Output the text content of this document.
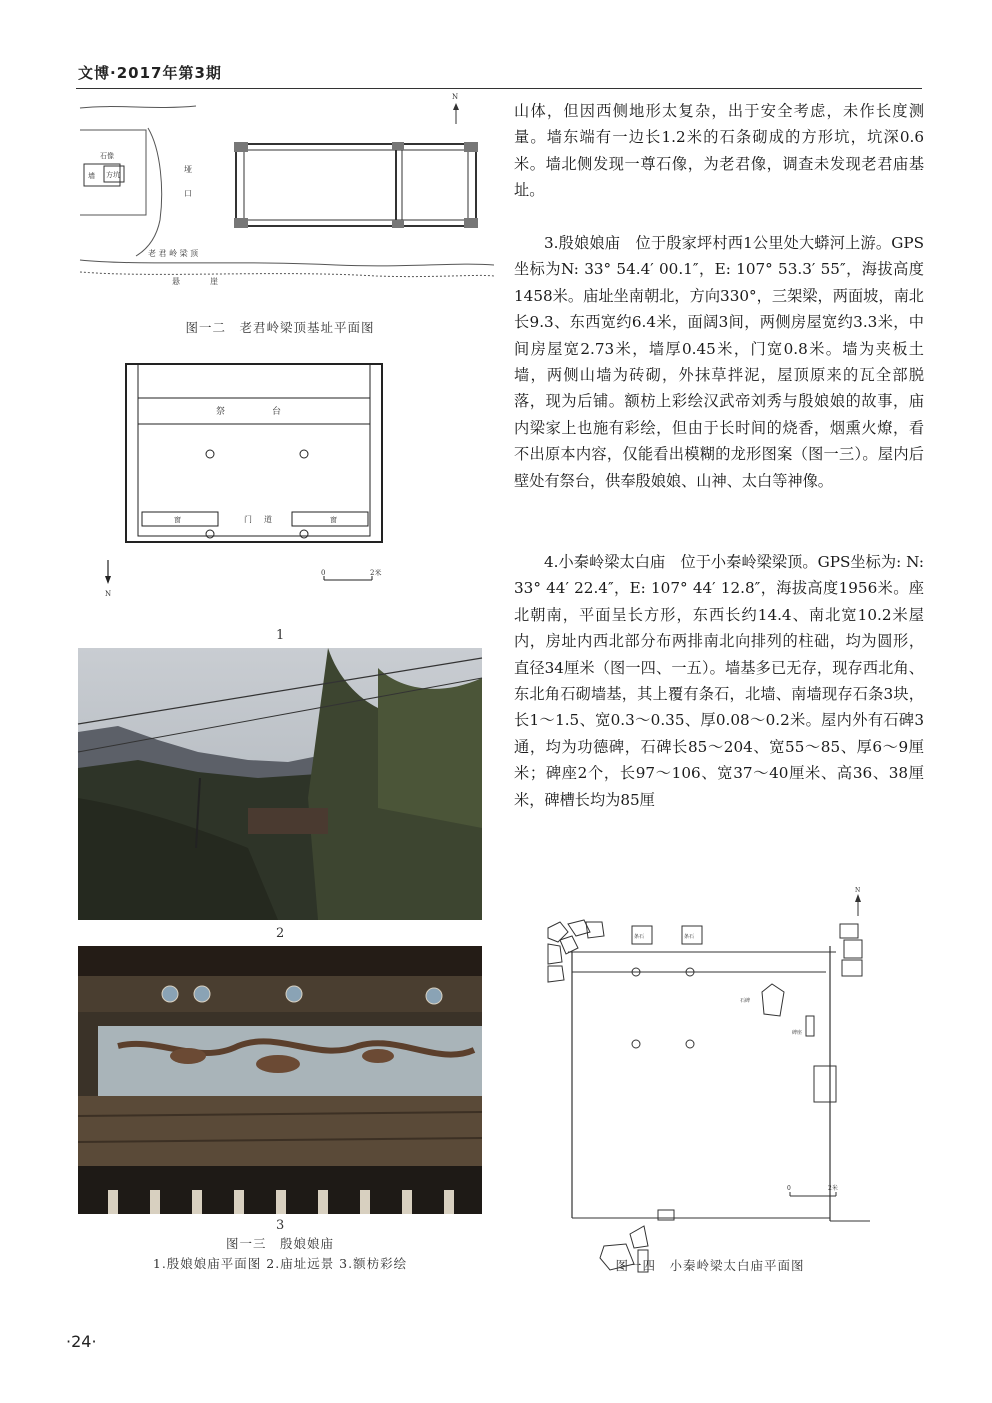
文博·2017年第3期
石像
墙 方坑
垭
口
N
老 君 岭 梁 顶
悬	崖
图一二　老君岭梁顶基址平面图
祭	台
窗	窗
门 道
N
0	2米
1
2
3
图一三　殷娘娘庙
1.殷娘娘庙平面图 2.庙址远景 3.额枋彩绘

山体，但因西侧地形太复杂，出于安全考虑，未作长度测量。墙东端有一边长1.2米的石条砌成的方形坑，坑深0.6米。墙北侧发现一尊石像，为老君像，调查未发现老君庙基址。

3.殷娘娘庙　位于殷家坪村西1公里处大蟒河上游。GPS坐标为N: 33° 54.4′ 00.1″，E: 107° 53.3′ 55″，海拔高度1458米。庙址坐南朝北，方向330°，三架梁，两面坡，南北长9.3、东西宽约6.4米，面阔3间，两侧房屋宽约3.3米，中间房屋宽2.73米，墙厚0.45米，门宽0.8米。墙为夹板土墙，两侧山墙为砖砌，外抹草拌泥，屋顶原来的瓦全部脱落，现为后铺。额枋上彩绘汉武帝刘秀与殷娘娘的故事，庙内梁家上也施有彩绘，但由于长时间的烧香，烟熏火燎，看不出原本内容，仅能看出模糊的龙形图案（图一三）。屋内后壁处有祭台，供奉殷娘娘、山神、太白等神像。

4.小秦岭梁太白庙　位于小秦岭梁梁顶。GPS坐标为: N: 33° 44′ 22.4″，E: 107° 44′ 12.8″，海拔高度1956米。座北朝南，平面呈长方形，东西长约14.4、南北宽10.2米屋内，房址内西北部分布两排南北向排列的柱础，均为圆形，直径34厘米（图一四、一五）。墙基多已无存，现存西北角、东北角石砌墙基，其上覆有条石，北墙、南墙现存石条3块，长1～1.5、宽0.3～0.35、厚0.08～0.2米。屋内外有石碑3通，均为功德碑，石碑长85～204、宽55～85、厚6～9厘米；碑座2个，长97～106、宽37～40厘米、高36、38厘米，碑槽长均为85厘

条石	条石
石碑
碑座
N
0	2米
图一四　小秦岭梁太白庙平面图
·24·
